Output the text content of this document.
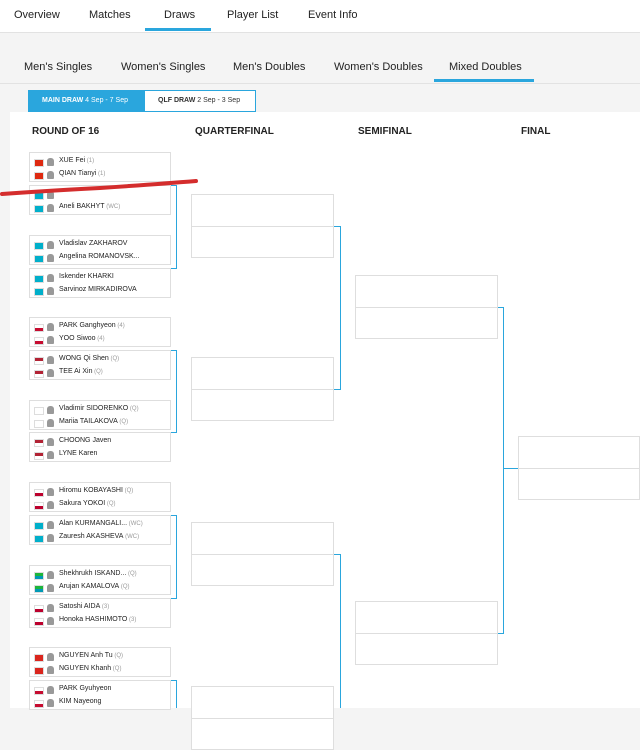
Overview	Matches	Draws	Player List	Event Info
Men's Singles	Women's Singles	Men's Doubles	Women's Doubles Mixed Doubles
MAIN DRAW 4 Sep - 7 Sep	QLF DRAW 2 Sep - 3 Sep
ROUND OF 16	QUARTERFINAL	SEMIFINAL	FINAL
XUE Fei (1)
QIAN Tianyi (1)
Aneli BAKHYT (WC)
Vladislav ZAKHAROV
Angelina ROMANOVSK...
Iskender KHARKI
Sarvinoz MIRKADIROVA
PARK Ganghyeon (4)
YOO Siwoo (4)
WONG Qi Shen (Q)
TEE Ai Xin (Q)
Vladimir SIDORENKO (Q)
Mariia TAILAKOVA (Q)
CHOONG Javen
LYNE Karen
Hiromu KOBAYASHI (Q)
Sakura YOKOI (Q)
Alan KURMANGALI... (WC)
Zauresh AKASHEVA (WC)
Shekhrukh ISKAND... (Q)
Arujan KAMALOVA (Q)
Satoshi AIDA (3)
Honoka HASHIMOTO (3)
NGUYEN Anh Tu (Q)
NGUYEN Khanh (Q)
PARK Gyuhyeon
KIM Nayeong
